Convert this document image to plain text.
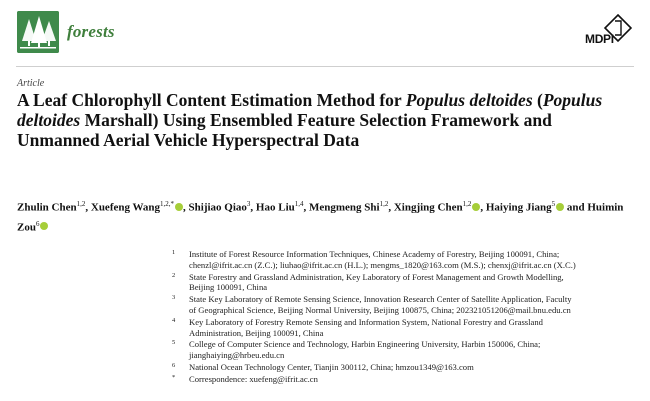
forests	MDPI
Article
A Leaf Chlorophyll Content Estimation Method for Populus deltoides (Populus deltoides Marshall) Using Ensembled Feature Selection Framework and Unmanned Aerial Vehicle Hyperspectral Data
Zhulin Chen$^{1,2}$, Xuefeng Wang$^{1,2,*}$ , Shijiao Qiao$^3$, Hao Liu$^{1,4}$, Mengmeng Shi$^{1,2}$, Xingjing Chen$^{1,2}$ , Haiying Jiang$^5$ and Huimin Zou$^6$
1 Institute of Forest Resource Information Techniques, Chinese Academy of Forestry, Beijing 100091, China;
chenzl@ifrit.ac.cn (Z.C.); liuhao@ifrit.ac.cn (H.L.); mengms_1820@163.com (M.S.); chenxj@ifrit.ac.cn (X.C.)
2 State Forestry and Grassland Administration, Key Laboratory of Forest Management and Growth Modelling,
Beijing 100091, China
3 State Key Laboratory of Remote Sensing Science, Innovation Research Center of Satellite Application, Faculty
of Geographical Science, Beijing Normal University, Beijing 100875, China; 202321051206@mail.bnu.edu.cn
4 Key Laboratory of Forestry Remote Sensing and Information System, National Forestry and Grassland
Administration, Beijing 100091, China
5 College of Computer Science and Technology, Harbin Engineering University, Harbin 150006, China;
jianghaiying@hrbeu.edu.cn
6 National Ocean Technology Center, Tianjin 300112, China; hmzou1349@163.com
* Correspondence: xuefeng@ifrit.ac.cn
